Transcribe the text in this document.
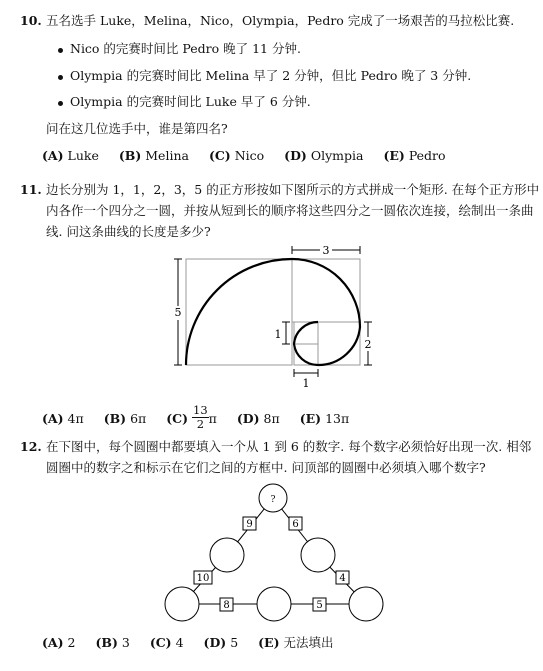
10. 五名选手 Luke，Melina，Nico，Olympia，Pedro 完成了一场艰苦的马拉松比赛.
Nico 的完赛时间比 Pedro 晚了 11 分钟.
Olympia 的完赛时间比 Melina 早了 2 分钟，但比 Pedro 晚了 3 分钟.
Olympia 的完赛时间比 Luke 早了 6 分钟.
问在这几位选手中，谁是第四名?
(A) Luke (B) Melina (C) Nico (D) Olympia (E) Pedro
11. 边长分别为 1，1，2，3，5 的正方形按如下图所示的方式拼成一个矩形. 在每个正方形中
内各作一个四分之一圆，并按从短到长的顺序将这些四分之一圆依次连接，绘制出一条曲
线. 问这条曲线的长度是多少?
3
5
1
2
1
(A) 4π (B) 6π $(C) \frac{13}{2}$ π (D) 8π (E) 13π
12. 在下图中，每个圆圈中都要填入一个从 1 到 6 的数字. 每个数字必须恰好出现一次. 相邻
圆圈中的数字之和标示在它们之间的方框中. 问顶部的圆圈中必须填入哪个数字?
?
9	6
10	4
8	5
(A) 2 (B) 3 (C) 4 (D) 5 (E) 无法填出
